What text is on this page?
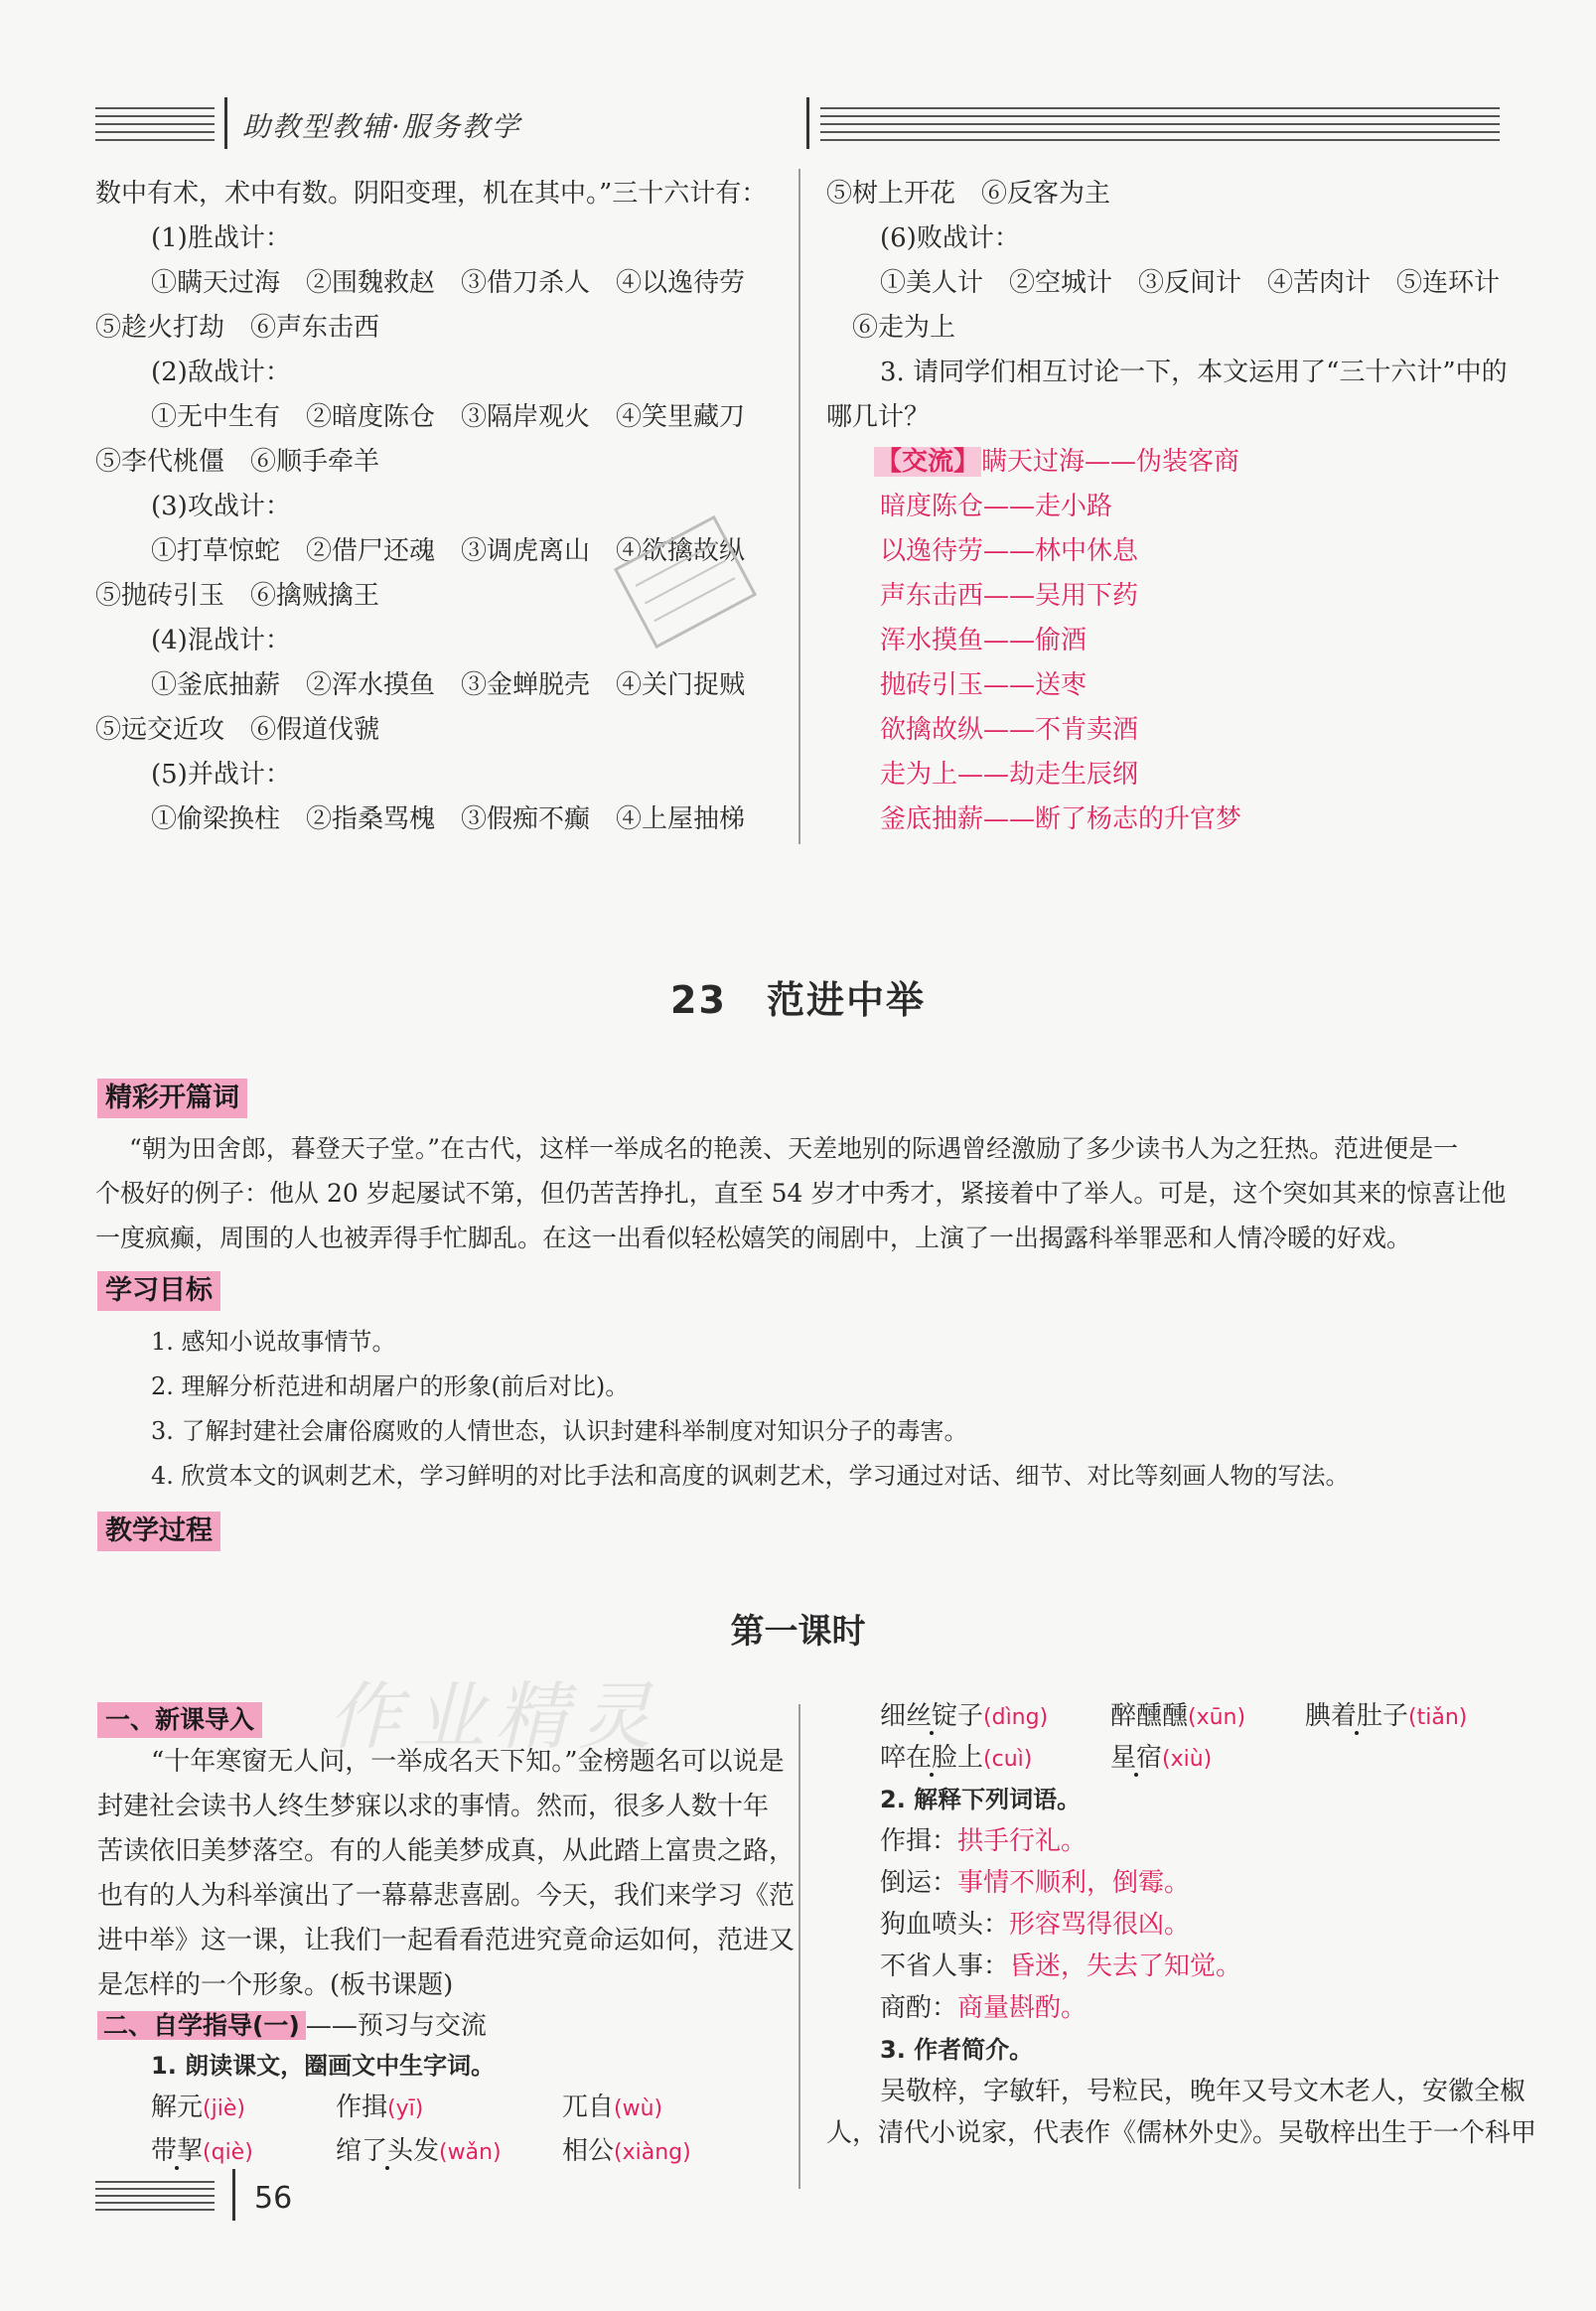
助教型教辅·服务教学
数中有术，术中有数。阴阳变理，机在其中。”三十六计有：
(1)胜战计：
①瞒天过海　②围魏救赵　③借刀杀人　④以逸待劳
⑤趁火打劫　⑥声东击西
(2)敌战计：
①无中生有　②暗度陈仓　③隔岸观火　④笑里藏刀
⑤李代桃僵　⑥顺手牵羊
(3)攻战计：
①打草惊蛇　②借尸还魂　③调虎离山　④欲擒故纵
⑤抛砖引玉　⑥擒贼擒王
(4)混战计：
①釜底抽薪　②浑水摸鱼　③金蝉脱壳　④关门捉贼
⑤远交近攻　⑥假道伐虢
(5)并战计：
①偷梁换柱　②指桑骂槐　③假痴不癫　④上屋抽梯
⑤树上开花　⑥反客为主
(6)败战计：
①美人计　②空城计　③反间计　④苦肉计　⑤连环计
⑥走为上
3. 请同学们相互讨论一下，本文运用了“三十六计”中的
哪几计？
【交流】瞒天过海——伪装客商
暗度陈仓——走小路
以逸待劳——林中休息
声东击西——吴用下药
浑水摸鱼——偷酒
抛砖引玉——送枣
欲擒故纵——不肯卖酒
走为上——劫走生辰纲
釜底抽薪——断了杨志的升官梦
23 范进中举
精彩开篇词
“朝为田舍郎，暮登天子堂。”在古代，这样一举成名的艳羡、天差地别的际遇曾经激励了多少读书人为之狂热。范进便是一
个极好的例子：他从 20 岁起屡试不第，但仍苦苦挣扎，直至 54 岁才中秀才，紧接着中了举人。可是，这个突如其来的惊喜让他
一度疯癫，周围的人也被弄得手忙脚乱。在这一出看似轻松嬉笑的闹剧中，上演了一出揭露科举罪恶和人情冷暖的好戏。
学习目标
1. 感知小说故事情节。
2. 理解分析范进和胡屠户的形象(前后对比)。
3. 了解封建社会庸俗腐败的人情世态，认识封建科举制度对知识分子的毒害。
4. 欣赏本文的讽刺艺术，学习鲜明的对比手法和高度的讽刺艺术，学习通过对话、细节、对比等刻画人物的写法。
教学过程
第一课时
作业精灵
一、新课导入
“十年寒窗无人问，一举成名天下知。”金榜题名可以说是
封建社会读书人终生梦寐以求的事情。然而，很多人数十年
苦读依旧美梦落空。有的人能美梦成真，从此踏上富贵之路，
也有的人为科举演出了一幕幕悲喜剧。今天，我们来学习《范
进中举》这一课，让我们一起看看范进究竟命运如何，范进又
是怎样的一个形象。(板书课题)
二、自学指导(一) ——预习与交流
1. 朗读课文，圈画文中生字词。
解元(jiè)	作揖(yī)	兀自(wù)
带挈(qiè)	绾了头发(wǎn) 相公(xiàng)
细丝锭子(dìng) 醉醺醺(xūn) 腆着肚子(tiǎn)
啐在脸上(cuì)	星宿(xiù)
2. 解释下列词语。
作揖：拱手行礼。
倒运：事情不顺利，倒霉。
狗血喷头：形容骂得很凶。
不省人事：昏迷，失去了知觉。
商酌：商量斟酌。
3. 作者简介。
吴敬梓，字敏轩，号粒民，晚年又号文木老人，安徽全椒
人，清代小说家，代表作《儒林外史》。吴敬梓出生于一个科甲
56
